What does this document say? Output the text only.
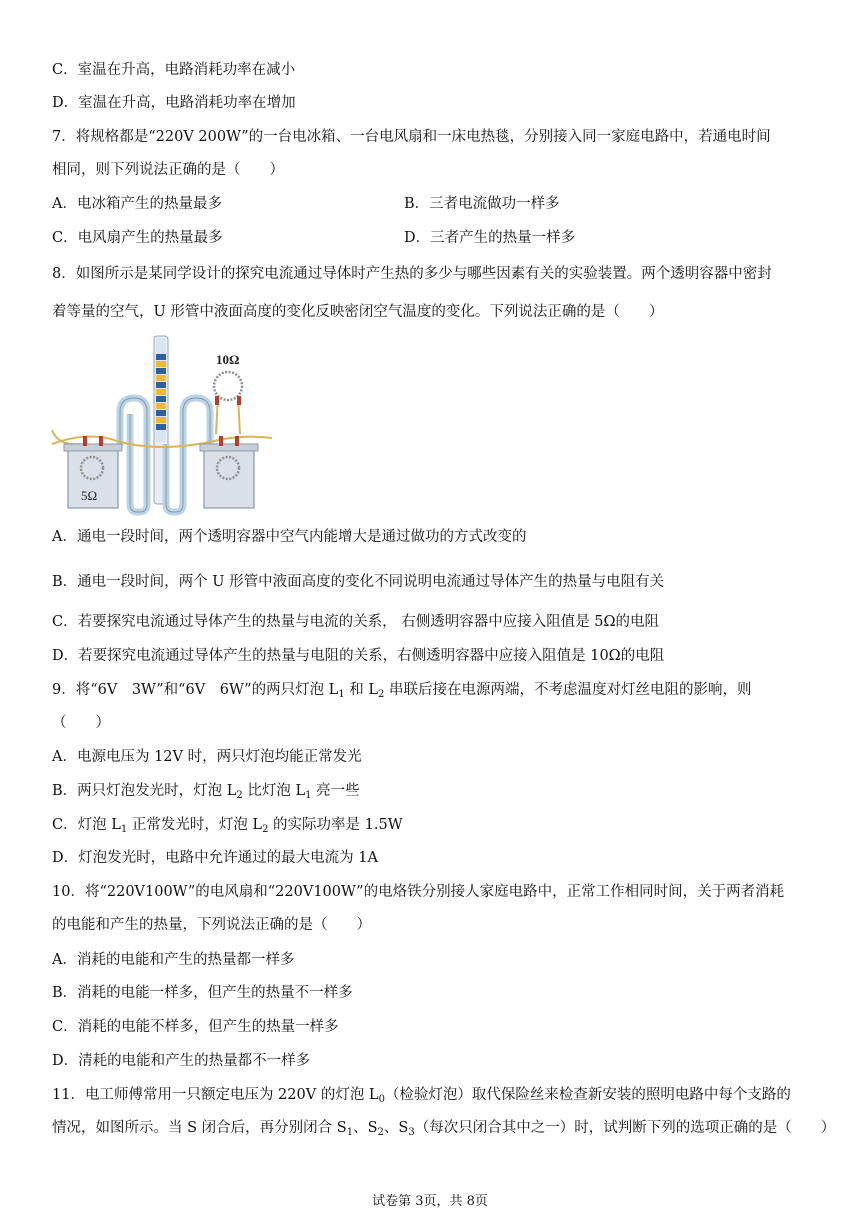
C．室温在升高，电路消耗功率在减小
D．室温在升高，电路消耗功率在增加
7．将规格都是“220V 200W”的一台电冰箱、一台电风扇和一床电热毯，分别接入同一家庭电路中，若通电时间
相同，则下列说法正确的是（　　）
A．电冰箱产生的热量最多	B．三者电流做功一样多
C．电风扇产生的热量最多	D．三者产生的热量一样多
8．如图所示是某同学设计的探究电流通过导体时产生热的多少与哪些因素有关的实验装置。两个透明容器中密封
着等量的空气，U 形管中液面高度的变化反映密闭空气温度的变化。下列说法正确的是（　　）
5Ω
10Ω
A．通电一段时间，两个透明容器中空气内能增大是通过做功的方式改变的
B．通电一段时间，两个 U 形管中液面高度的变化不同说明电流通过导体产生的热量与电阻有关
C．若要探究电流通过导体产生的热量与电流的关系， 右侧透明容器中应接入阻值是 5Ω的电阻
D．若要探究电流通过导体产生的热量与电阻的关系，右侧透明容器中应接入阻值是 10Ω的电阻
9．将“6V　3W”和“6V　6W”的两只灯泡 $L_1$ 和 $L_2$ 串联后接在电源两端，不考虑温度对灯丝电阻的影响，则
（　　）
A．电源电压为 12V 时，两只灯泡均能正常发光
B．两只灯泡发光时，灯泡 $L_2$ 比灯泡 $L_1$ 亮一些
C．灯泡 $L_1$ 正常发光时，灯泡 $L_2$ 的实际功率是 1.5W
D．灯泡发光时，电路中允许通过的最大电流为 1A
10．将“220V100W”的电风扇和“220V100W”的电烙铁分别接人家庭电路中，正常工作相同时间，关于两者消耗
的电能和产生的热量，下列说法正确的是（　　）
A．消耗的电能和产生的热量都一样多
B．消耗的电能一样多，但产生的热量不一样多
C．消耗的电能不样多，但产生的热量一样多
D．清耗的电能和产生的热量都不一样多
11．电工师傅常用一只额定电压为 220V 的灯泡 $L_0$（检验灯泡）取代保险丝来检查新安装的照明电路中每个支路的
情况，如图所示。当 S 闭合后，再分别闭合 $S_1$、$S_2$、$S_3$（每次只闭合其中之一）时，试判断下列的选项正确的是（　　）
试卷第 3页，共 8页
